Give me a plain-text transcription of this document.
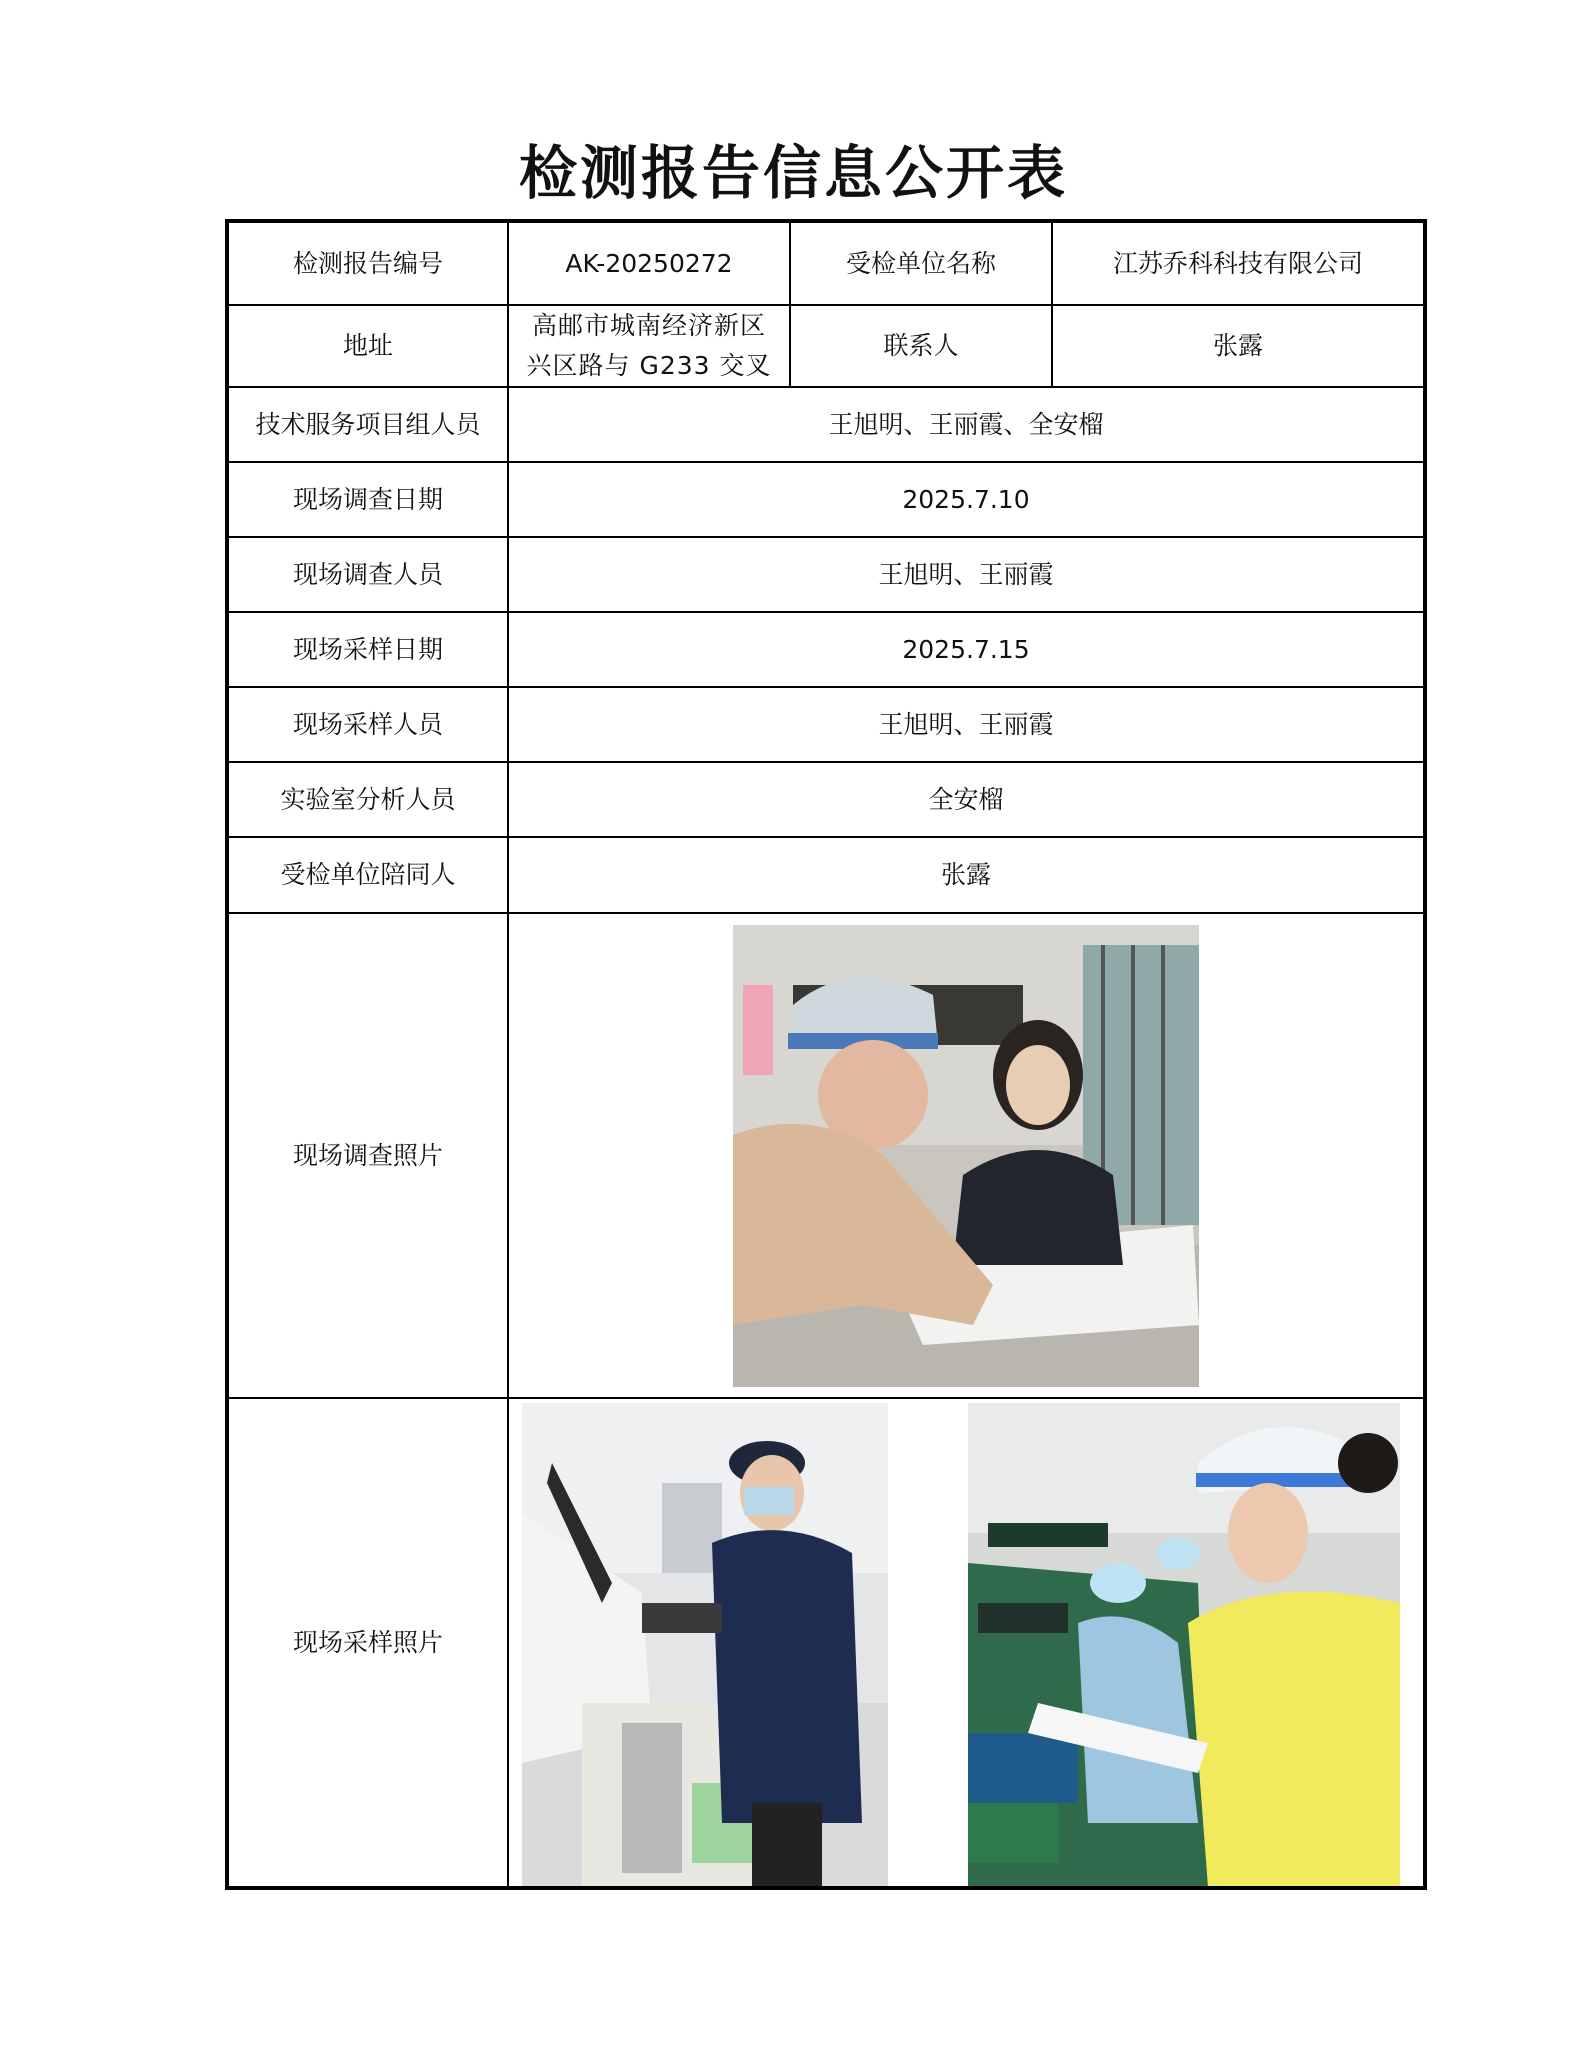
检测报告信息公开表
检测报告编号	AK-20250272	受检单位名称	江苏乔科科技有限公司
地址	高邮市城南经济新区兴区路与 G233 交叉	联系人	张露
技术服务项目组人员	王旭明、王丽霞、全安榴		
现场调查日期	2025.7.10		
现场调查人员	王旭明、王丽霞		
现场采样日期	2025.7.15		
现场采样人员	王旭明、王丽霞		
实验室分析人员	全安榴		
受检单位陪同人	张露		
现场调查照片	

现场采样照片	
